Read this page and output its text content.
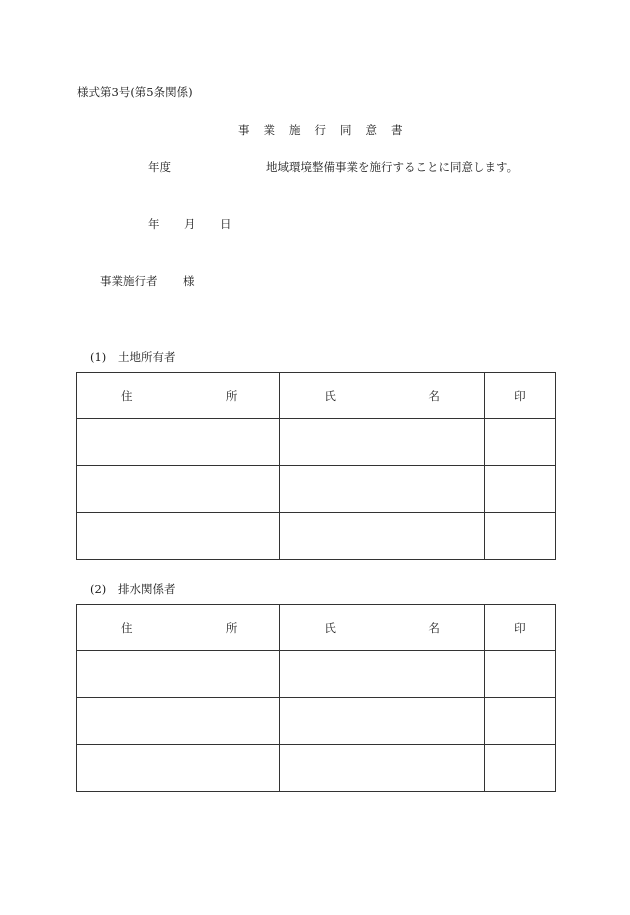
様式第3号(第5条関係)
事 業 施 行 同 意 書
年度	地域環境整備事業を施行することに同意します。
年 月 日
事業施行者 様
(1) 土地所有者
住 所	氏 名	印

(2) 排水関係者
住 所	氏 名	印
